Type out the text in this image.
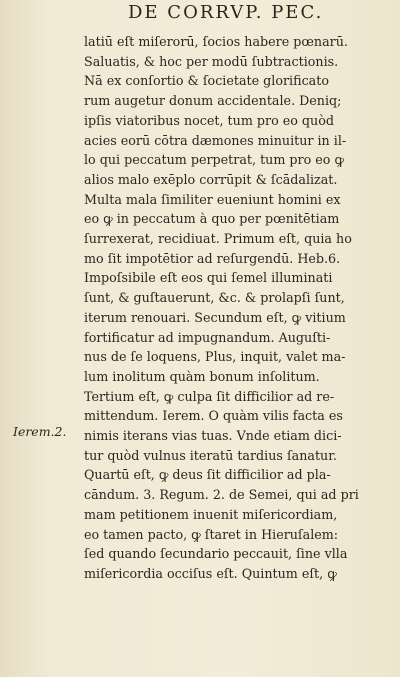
DE CORRVP. PEC.
Ierem.2.
latiū eſt miſerorū, ſocios habere pœnarū.
Saluatis, & hoc per modū ſubtractionis.
Nā ex conſortio & ſocietate glorificato
rum augetur donum accidentale. Deniq;
ipſis viatoribus nocet, tum pro eo quòd
acies eorū cōtra dæmones minuitur in il-
lo qui peccatum perpetrat, tum pro eo ꝙ
alios malo exēplo corrūpit & ſcādalizat.
Multa mala ſimiliter eueniunt homini ex
eo ꝙ in peccatum à quo per pœnitētiam
ſurrexerat, recidiuat. Primum eſt, quia ho
mo ſit impotētior ad reſurgendū. Heb.6.
Impoſsibile eſt eos qui ſemel illuminati
ſunt, & guſtauerunt, &c. & prolapſi ſunt,
iterum renouari. Secundum eſt, ꝙ vitium
fortificatur ad impugnandum. Auguſti-
nus de ſe loquens, Plus, inquit, valet ma-
lum inolitum quàm bonum inſolitum.
Tertium eſt, ꝙ culpa ſit difficilior ad re-
mittendum. Ierem. O quàm vilis facta es
nimis iterans vias tuas. Vnde etiam dici-
tur quòd vulnus iteratū tardius ſanatur.
Quartū eſt, ꝙ deus ſit difficilior ad pla-
cāndum. 3. Regum. 2. de Semei, qui ad pri
mam petitionem inuenit miſericordiam,
eo tamen pacto, ꝙ ſtaret in Hieruſalem:
ſed quando ſecundario peccauit, ſine vlla
miſericordia occiſus eſt. Quintum eſt, ꝙ
